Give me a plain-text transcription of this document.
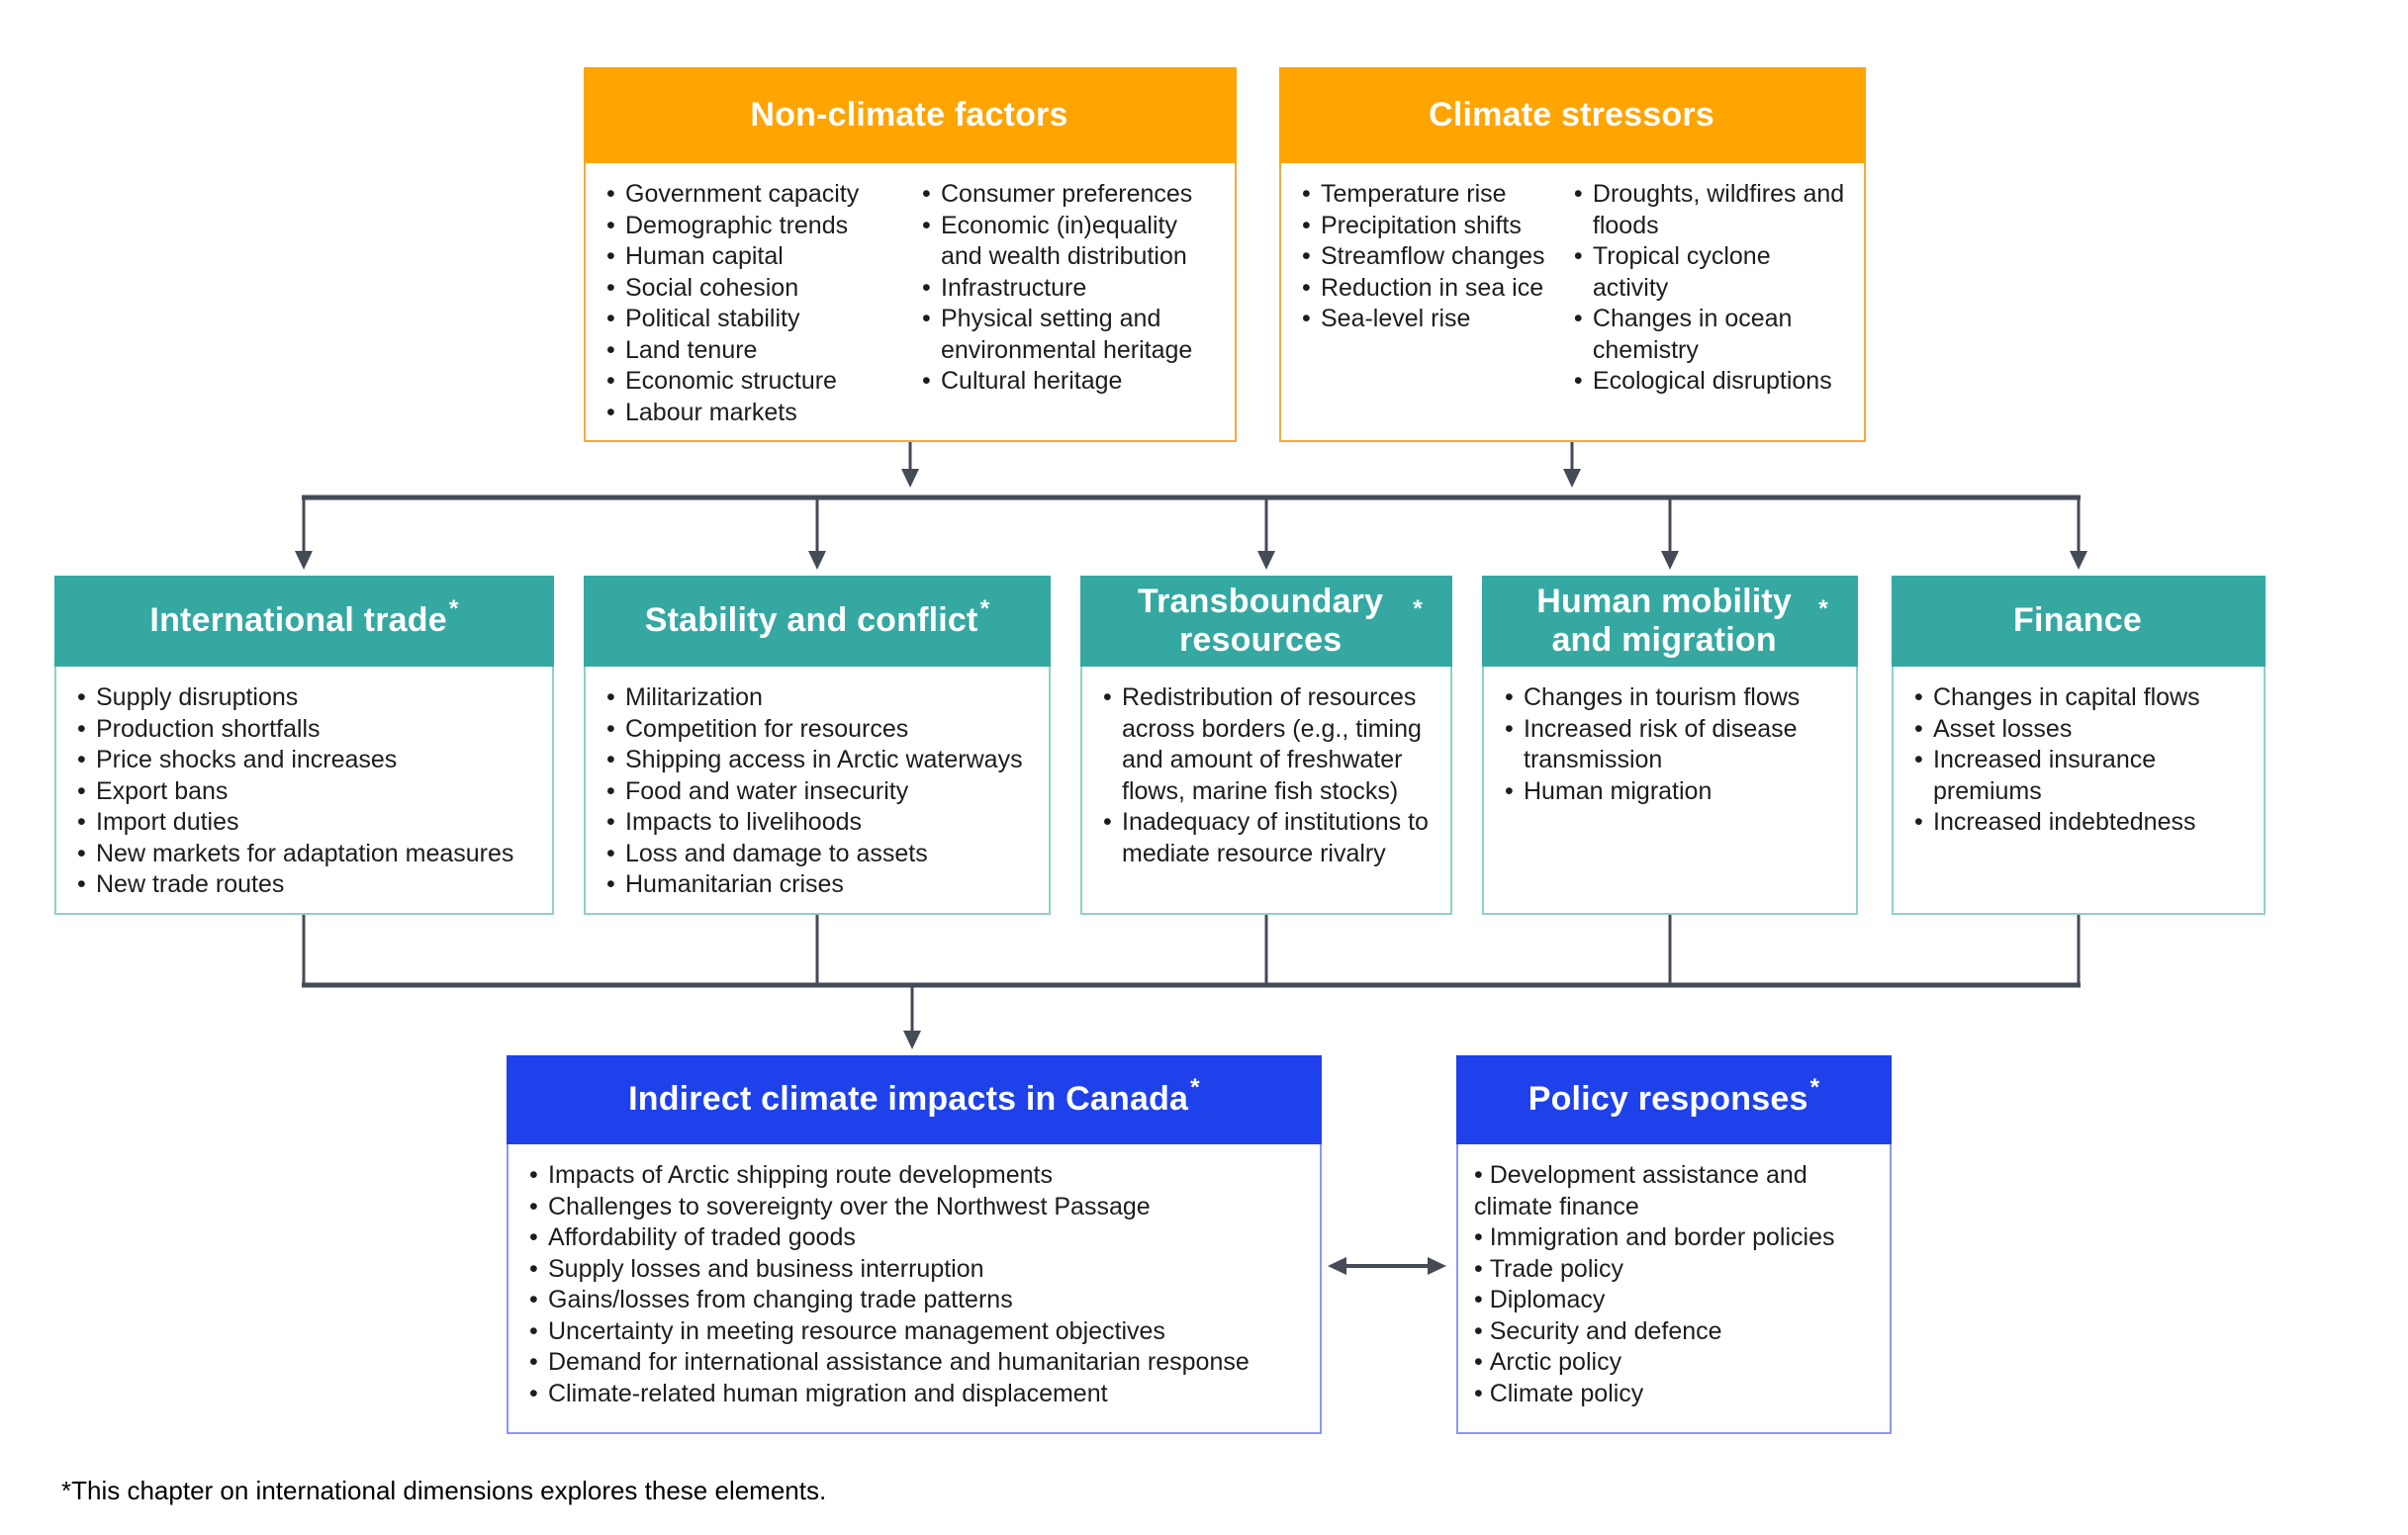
Non-climate factors
• Government capacity
• Demographic trends
• Human capital
• Social cohesion
• Political stability
• Land tenure
• Economic structure
• Labour markets
• Consumer preferences
• Economic (in)equality and wealth distribution
• Infrastructure
• Physical setting and environmental heritage
• Cultural heritage
Climate stressors
• Temperature rise
• Precipitation shifts
• Streamflow changes
• Reduction in sea ice
• Sea-level rise
• Droughts, wildfires and floods
• Tropical cyclone activity
• Changes in ocean chemistry
• Ecological disruptions
International trade *
• Supply disruptions
• Production shortfalls
• Price shocks and increases
• Export bans
• Import duties
• New markets for adaptation measures
• New trade routes
Stability and conflict *
• Militarization
• Competition for resources
• Shipping access in Arctic waterways
• Food and water insecurity
• Impacts to livelihoods
• Loss and damage to assets
• Humanitarian crises
Transboundary resources
*
• Redistribution of resources across borders (e.g., timing and amount of freshwater flows, marine fish stocks)
• Inadequacy of institutions to mediate resource rivalry
Human mobility and migration
*
• Changes in tourism flows
• Increased risk of disease transmission
• Human migration
Finance
• Changes in capital flows
• Asset losses
• Increased insurance premiums
• Increased indebtedness
Indirect climate impacts in Canada *
• Impacts of Arctic shipping route developments
• Challenges to sovereignty over the Northwest Passage
• Affordability of traded goods
• Supply losses and business interruption
• Gains/losses from changing trade patterns
• Uncertainty in meeting resource management objectives
• Demand for international assistance and humanitarian response
• Climate-related human migration and displacement
Policy responses *
• Development assistance and climate finance
• Immigration and border policies
• Trade policy
• Diplomacy
• Security and defence
• Arctic policy
• Climate policy
*This chapter on international dimensions explores these elements.
